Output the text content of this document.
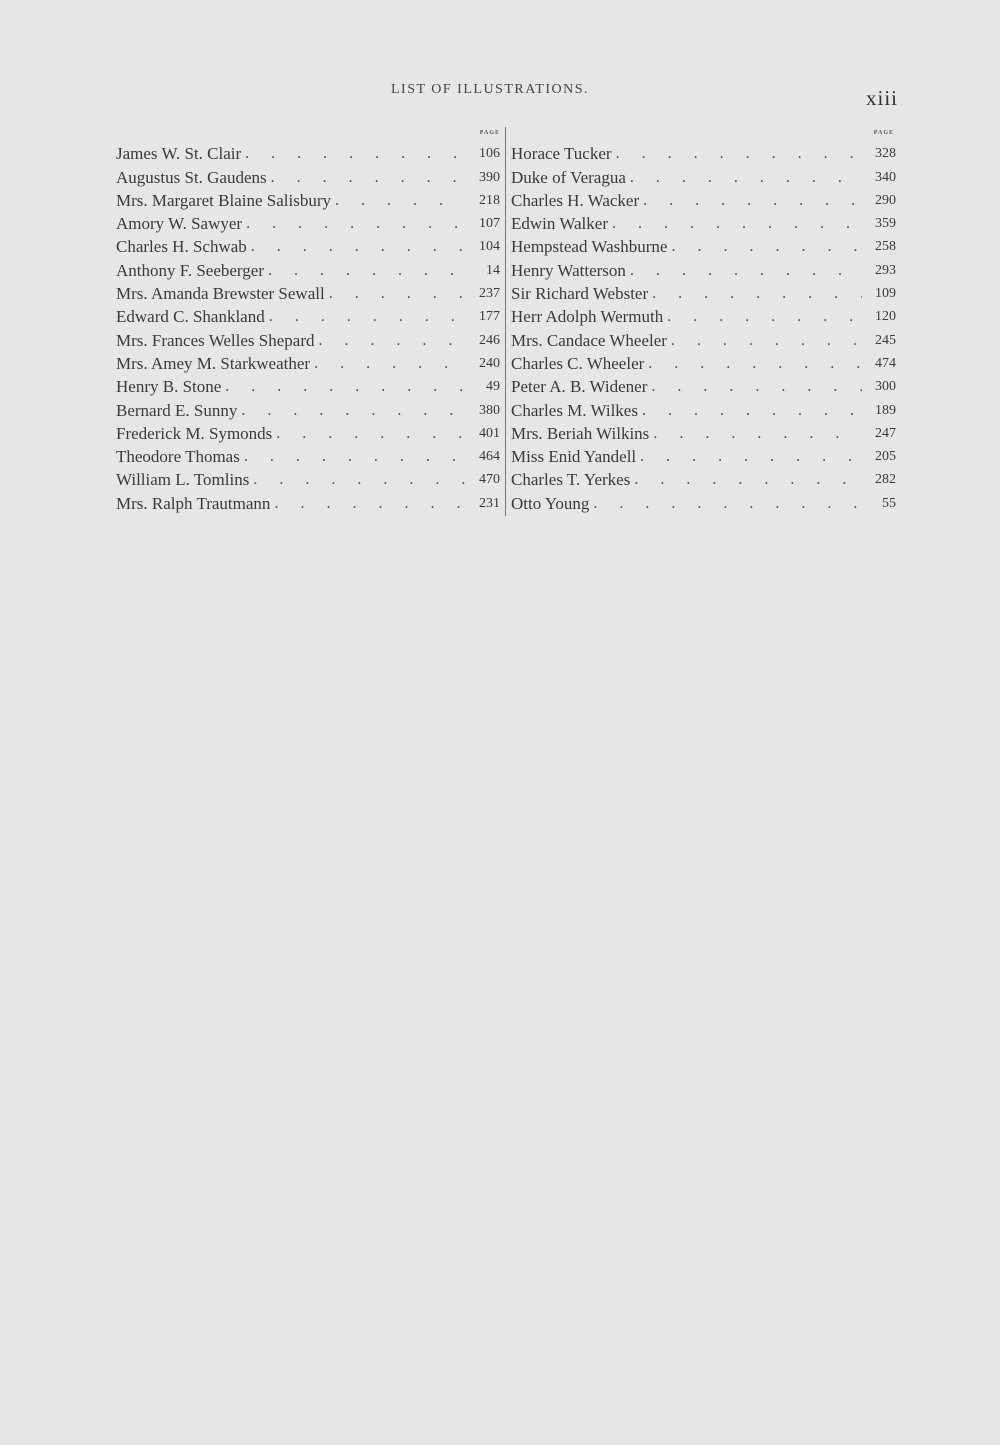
LIST OF ILLUSTRATIONS.	xiii
PAGE
James W. St. Clair . . .	106
Augustus St. Gaudens . . .	390
Mrs. Margaret Blaine Salisbury . . .	218
Amory W. Sawyer . . .	107
Charles H. Schwab . . .	104
Anthony F. Seeberger . . .	14
Mrs. Amanda Brewster Sewall . . .	237
Edward C. Shankland . . .	177
Mrs. Frances Welles Shepard . . .	246
Mrs. Amey M. Starkweather . . .	240
Henry B. Stone . . .	49
Bernard E. Sunny . . .	380
Frederick M. Symonds . . .	401
Theodore Thomas . . .	464
William L. Tomlins . . .	470
Mrs. Ralph Trautmann . . .	231
PAGE
Horace Tucker . . .	328
Duke of Veragua . . .	340
Charles H. Wacker . . .	290
Edwin Walker . . .	359
Hempstead Washburne . . .	258
Henry Watterson . . .	293
Sir Richard Webster . . .	109
Herr Adolph Wermuth . . .	120
Mrs. Candace Wheeler . . .	245
Charles C. Wheeler . . .	474
Peter A. B. Widener . . .	300
Charles M. Wilkes . . .	189
Mrs. Beriah Wilkins . . .	247
Miss Enid Yandell . . .	205
Charles T. Yerkes . . .	282
Otto Young . . .	55
